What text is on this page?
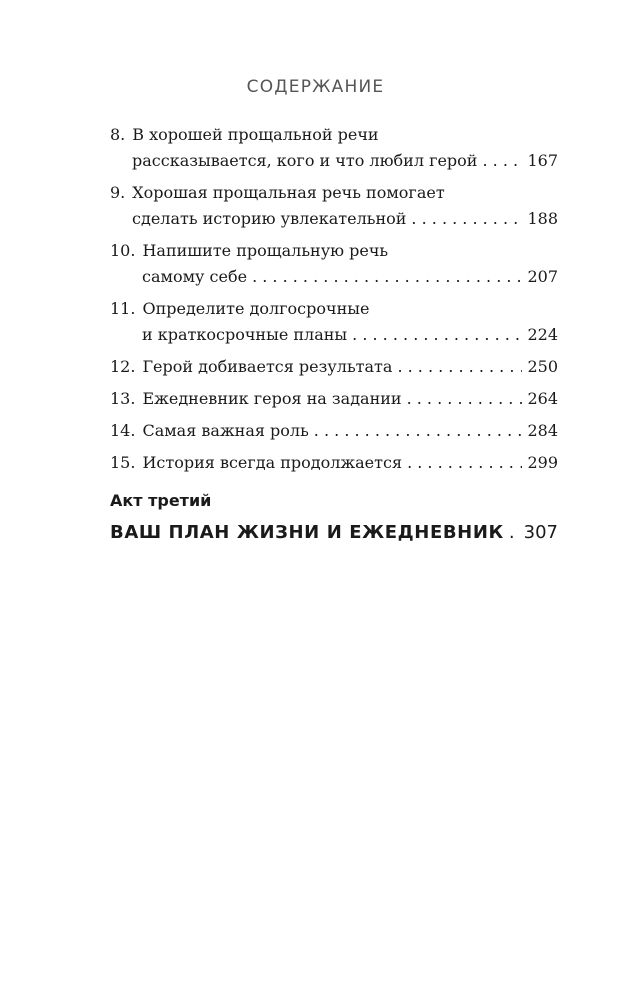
СОДЕРЖАНИЕ
8. В хорошей прощальной речи
рассказывается, кого и что любил герой . . .	167
9. Хорошая прощальная речь помогает
сделать историю увлекательной . . .	188
10. Напишите прощальную речь
самому себе . . .	207
11. Определите долгосрочные
и краткосрочные планы . . .	224
12. Герой добивается результата . . .	250
13. Ежедневник героя на задании . . .	264
14. Самая важная роль . . .	284
15. История всегда продолжается . . .	299
Акт третий
ВАШ ПЛАН ЖИЗНИ И ЕЖЕДНЕВНИК . . . 307
